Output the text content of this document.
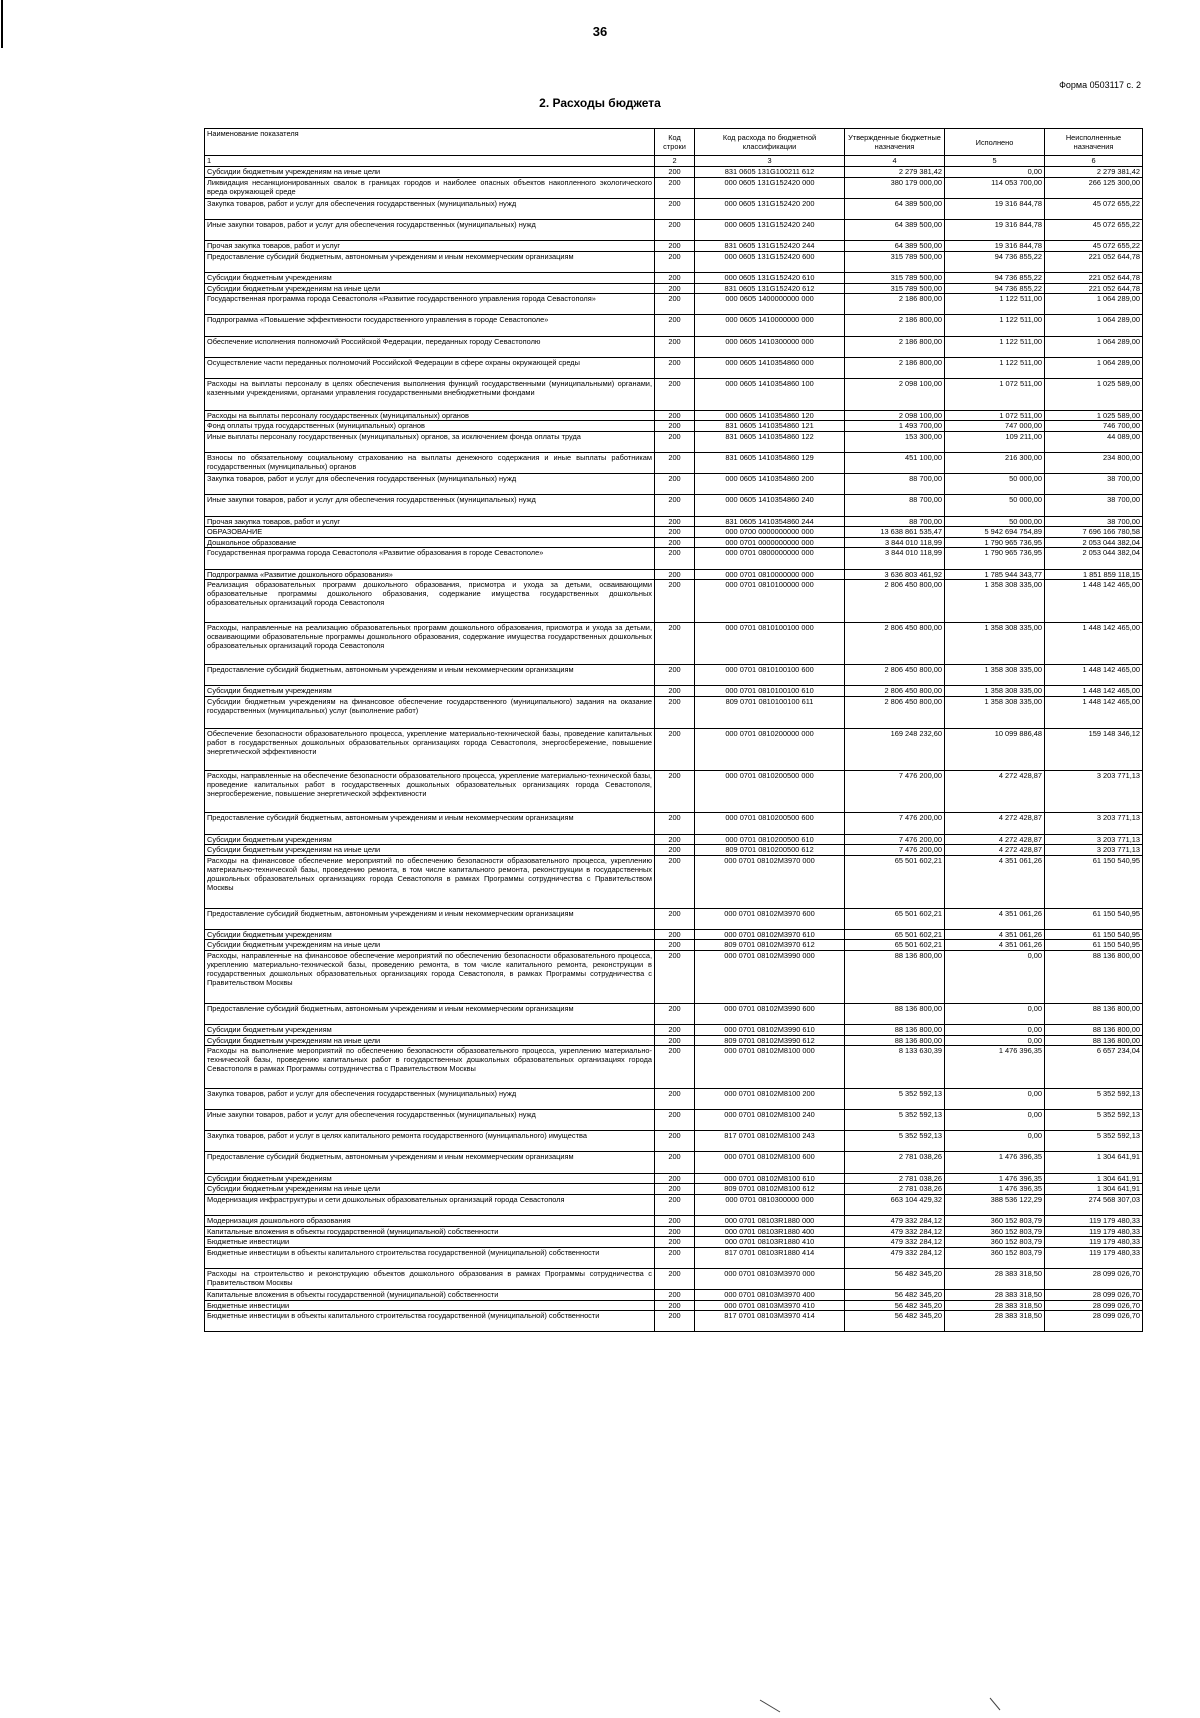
36
Форма 0503117 с. 2
2. Расходы бюджета
Наименование показателя	Код строки	Код расхода по бюджетной классификации	Утвержденные бюджетные назначения	Исполнено	Неисполненные назначения
1	2	3	4	5	6
Субсидии бюджетным учреждениям на иные цели	200	831 0605 131G100211 612	2 279 381,42	0,00	2 279 381,42
Ликвидация несанкционированных свалок в границах городов и наиболее опасных объектов накопленного экологического вреда окружающей среде	200	000 0605 131G152420 000	380 179 000,00	114 053 700,00	266 125 300,00
Закупка товаров, работ и услуг для обеспечения государственных (муниципальных) нужд	200	000 0605 131G152420 200	64 389 500,00	19 316 844,78	45 072 655,22
Иные закупки товаров, работ и услуг для обеспечения государственных (муниципальных) нужд	200	000 0605 131G152420 240	64 389 500,00	19 316 844,78	45 072 655,22
Прочая закупка товаров, работ и услуг	200	831 0605 131G152420 244	64 389 500,00	19 316 844,78	45 072 655,22
Предоставление субсидий бюджетным, автономным учреждениям и иным некоммерческим организациям	200	000 0605 131G152420 600	315 789 500,00	94 736 855,22	221 052 644,78
Субсидии бюджетным учреждениям	200	000 0605 131G152420 610	315 789 500,00	94 736 855,22	221 052 644,78
Субсидии бюджетным учреждениям на иные цели	200	831 0605 131G152420 612	315 789 500,00	94 736 855,22	221 052 644,78
Государственная программа города Севастополя «Развитие государственного управления города Севастополя»	200	000 0605 1400000000 000	2 186 800,00	1 122 511,00	1 064 289,00
Подпрограмма «Повышение эффективности государственного управления в городе Севастополе»	200	000 0605 1410000000 000	2 186 800,00	1 122 511,00	1 064 289,00
Обеспечение исполнения полномочий Российской Федерации, переданных городу Севастополю	200	000 0605 1410300000 000	2 186 800,00	1 122 511,00	1 064 289,00
Осуществление части переданных полномочий Российской Федерации в сфере охраны окружающей среды	200	000 0605 1410354860 000	2 186 800,00	1 122 511,00	1 064 289,00
Расходы на выплаты персоналу в целях обеспечения выполнения функций государственными (муниципальными) органами, казенными учреждениями, органами управления государственными внебюджетными фондами	200	000 0605 1410354860 100	2 098 100,00	1 072 511,00	1 025 589,00
Расходы на выплаты персоналу государственных (муниципальных) органов	200	000 0605 1410354860 120	2 098 100,00	1 072 511,00	1 025 589,00
Фонд оплаты труда государственных (муниципальных) органов	200	831 0605 1410354860 121	1 493 700,00	747 000,00	746 700,00
Иные выплаты персоналу государственных (муниципальных) органов, за исключением фонда оплаты труда	200	831 0605 1410354860 122	153 300,00	109 211,00	44 089,00
Взносы по обязательному социальному страхованию на выплаты денежного содержания и иные выплаты работникам государственных (муниципальных) органов	200	831 0605 1410354860 129	451 100,00	216 300,00	234 800,00
Закупка товаров, работ и услуг для обеспечения государственных (муниципальных) нужд	200	000 0605 1410354860 200	88 700,00	50 000,00	38 700,00
Иные закупки товаров, работ и услуг для обеспечения государственных (муниципальных) нужд	200	000 0605 1410354860 240	88 700,00	50 000,00	38 700,00
Прочая закупка товаров, работ и услуг	200	831 0605 1410354860 244	88 700,00	50 000,00	38 700,00
ОБРАЗОВАНИЕ	200	000 0700 0000000000 000	13 638 861 535,47	5 942 694 754,89	7 696 166 780,58
Дошкольное образование	200	000 0701 0000000000 000	3 844 010 118,99	1 790 965 736,95	2 053 044 382,04
Государственная программа города Севастополя «Развитие образования в городе Севастополе»	200	000 0701 0800000000 000	3 844 010 118,99	1 790 965 736,95	2 053 044 382,04
Подпрограмма «Развитие дошкольного образования»	200	000 0701 0810000000 000	3 636 803 461,92	1 785 944 343,77	1 851 859 118,15
Реализация образовательных программ дошкольного образования, присмотра и ухода за детьми, осваивающими образовательные программы дошкольного образования, содержание имущества государственных дошкольных образовательных организаций города Севастополя	200	000 0701 0810100000 000	2 806 450 800,00	1 358 308 335,00	1 448 142 465,00
Расходы, направленные на реализацию образовательных программ дошкольного образования, присмотра и ухода за детьми, осваивающими образовательные программы дошкольного образования, содержание имущества государственных дошкольных образовательных организаций города Севастополя	200	000 0701 0810100100 000	2 806 450 800,00	1 358 308 335,00	1 448 142 465,00
Предоставление субсидий бюджетным, автономным учреждениям и иным некоммерческим организациям	200	000 0701 0810100100 600	2 806 450 800,00	1 358 308 335,00	1 448 142 465,00
Субсидии бюджетным учреждениям	200	000 0701 0810100100 610	2 806 450 800,00	1 358 308 335,00	1 448 142 465,00
Субсидии бюджетным учреждениям на финансовое обеспечение государственного (муниципального) задания на оказание государственных (муниципальных) услуг (выполнение работ)	200	809 0701 0810100100 611	2 806 450 800,00	1 358 308 335,00	1 448 142 465,00
Обеспечение безопасности образовательного процесса, укрепление материально-технической базы, проведение капитальных работ в государственных дошкольных образовательных организациях города Севастополя, энергосбережение, повышение энергетической эффективности	200	000 0701 0810200000 000	169 248 232,60	10 099 886,48	159 148 346,12
Расходы, направленные на обеспечение безопасности образовательного процесса, укрепление материально-технической базы, проведение капитальных работ в государственных дошкольных образовательных организациях города Севастополя, энергосбережение, повышение энергетической эффективности	200	000 0701 0810200500 000	7 476 200,00	4 272 428,87	3 203 771,13
Предоставление субсидий бюджетным, автономным учреждениям и иным некоммерческим организациям	200	000 0701 0810200500 600	7 476 200,00	4 272 428,87	3 203 771,13
Субсидии бюджетным учреждениям	200	000 0701 0810200500 610	7 476 200,00	4 272 428,87	3 203 771,13
Субсидии бюджетным учреждениям на иные цели	200	809 0701 0810200500 612	7 476 200,00	4 272 428,87	3 203 771,13
Расходы на финансовое обеспечение мероприятий по обеспечению безопасности образовательного процесса, укреплению материально-технической базы, проведению ремонта, в том числе капитального ремонта, реконструкции в государственных дошкольных образовательных организациях города Севастополя в рамках Программы сотрудничества с Правительством Москвы	200	000 0701 08102М3970 000	65 501 602,21	4 351 061,26	61 150 540,95
Предоставление субсидий бюджетным, автономным учреждениям и иным некоммерческим организациям	200	000 0701 08102М3970 600	65 501 602,21	4 351 061,26	61 150 540,95
Субсидии бюджетным учреждениям	200	000 0701 08102М3970 610	65 501 602,21	4 351 061,26	61 150 540,95
Субсидии бюджетным учреждениям на иные цели	200	809 0701 08102М3970 612	65 501 602,21	4 351 061,26	61 150 540,95
Расходы, направленные на финансовое обеспечение мероприятий по обеспечению безопасности образовательного процесса, укреплению материально-технической базы, проведению ремонта, в том числе капитального ремонта, реконструкции в государственных дошкольных образовательных организациях города Севастополя, в рамках Программы сотрудничества с Правительством Москвы	200	000 0701 08102М3990 000	88 136 800,00	0,00	88 136 800,00
Предоставление субсидий бюджетным, автономным учреждениям и иным некоммерческим организациям	200	000 0701 08102М3990 600	88 136 800,00	0,00	88 136 800,00
Субсидии бюджетным учреждениям	200	000 0701 08102М3990 610	88 136 800,00	0,00	88 136 800,00
Субсидии бюджетным учреждениям на иные цели	200	809 0701 08102М3990 612	88 136 800,00	0,00	88 136 800,00
Расходы на выполнение мероприятий по обеспечению безопасности образовательного процесса, укреплению материально-технической базы, проведению капитальных работ в государственных дошкольных образовательных организациях города Севастополя в рамках Программы сотрудничества с Правительством Москвы	200	000 0701 08102М8100 000	8 133 630,39	1 476 396,35	6 657 234,04
Закупка товаров, работ и услуг для обеспечения государственных (муниципальных) нужд	200	000 0701 08102М8100 200	5 352 592,13	0,00	5 352 592,13
Иные закупки товаров, работ и услуг для обеспечения государственных (муниципальных) нужд	200	000 0701 08102М8100 240	5 352 592,13	0,00	5 352 592,13
Закупка товаров, работ и услуг в целях капитального ремонта государственного (муниципального) имущества	200	817 0701 08102М8100 243	5 352 592,13	0,00	5 352 592,13
Предоставление субсидий бюджетным, автономным учреждениям и иным некоммерческим организациям	200	000 0701 08102М8100 600	2 781 038,26	1 476 396,35	1 304 641,91
Субсидии бюджетным учреждениям	200	000 0701 08102М8100 610	2 781 038,26	1 476 396,35	1 304 641,91
Субсидии бюджетным учреждениям на иные цели	200	809 0701 08102М8100 612	2 781 038,26	1 476 396,35	1 304 641,91
Модернизация инфраструктуры и сети дошкольных образовательных организаций города Севастополя	200	000 0701 0810300000 000	663 104 429,32	388 536 122,29	274 568 307,03
Модернизация дошкольного образования	200	000 0701 08103R1880 000	479 332 284,12	360 152 803,79	119 179 480,33
Капитальные вложения в объекты государственной (муниципальной) собственности	200	000 0701 08103R1880 400	479 332 284,12	360 152 803,79	119 179 480,33
Бюджетные инвестиции	200	000 0701 08103R1880 410	479 332 284,12	360 152 803,79	119 179 480,33
Бюджетные инвестиции в объекты капитального строительства государственной (муниципальной) собственности	200	817 0701 08103R1880 414	479 332 284,12	360 152 803,79	119 179 480,33
Расходы на строительство и реконструкцию объектов дошкольного образования в рамках Программы сотрудничества с Правительством Москвы	200	000 0701 08103М3970 000	56 482 345,20	28 383 318,50	28 099 026,70
Капитальные вложения в объекты государственной (муниципальной) собственности	200	000 0701 08103М3970 400	56 482 345,20	28 383 318,50	28 099 026,70
Бюджетные инвестиции	200	000 0701 08103М3970 410	56 482 345,20	28 383 318,50	28 099 026,70
Бюджетные инвестиции в объекты капитального строительства государственной (муниципальной) собственности	200	817 0701 08103М3970 414	56 482 345,20	28 383 318,50	28 099 026,70
